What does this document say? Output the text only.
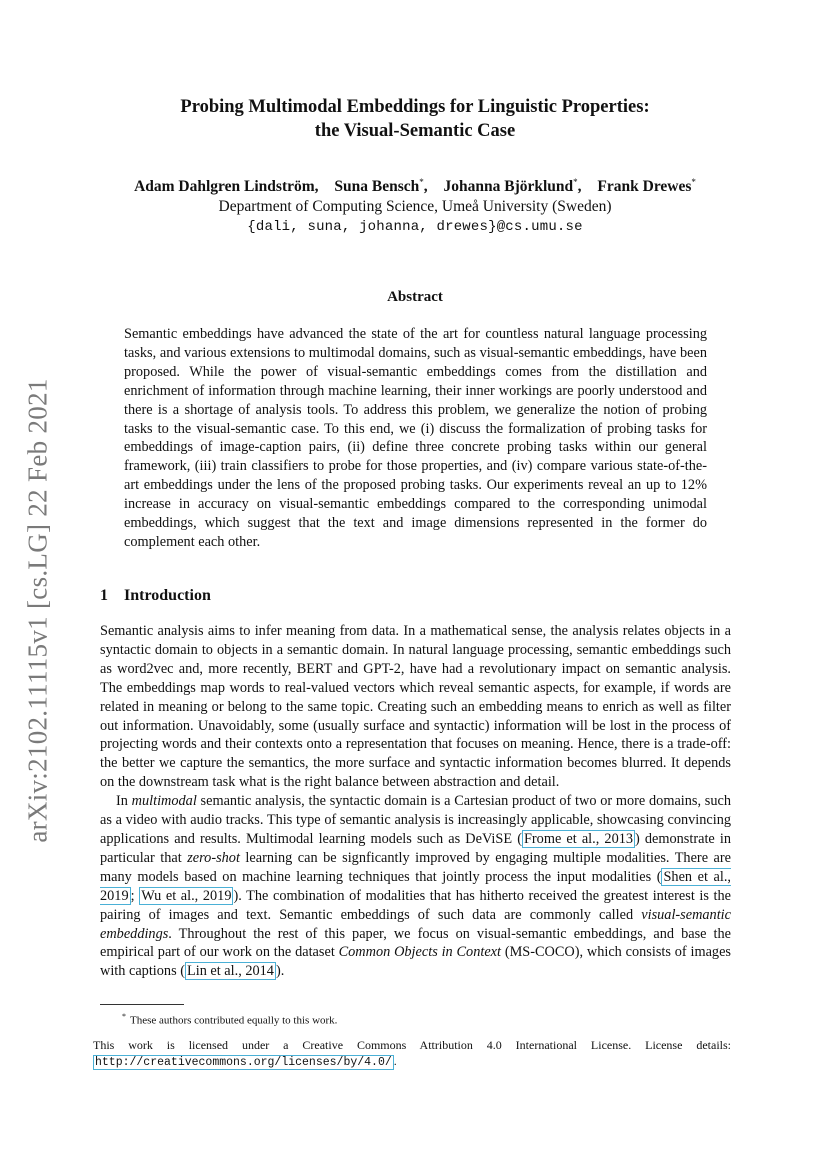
arXiv:2102.11115v1 [cs.LG] 22 Feb 2021
Probing Multimodal Embeddings for Linguistic Properties:
the Visual-Semantic Case
Adam Dahlgren Lindström, Suna Bensch*, Johanna Björklund*, Frank Drewes*
Department of Computing Science, Umeå University (Sweden)
{dali, suna, johanna, drewes}@cs.umu.se
Abstract

Semantic embeddings have advanced the state of the art for countless natural language processing tasks, and various extensions to multimodal domains, such as visual-semantic embeddings, have been proposed. While the power of visual-semantic embeddings comes from the distillation and enrichment of information through machine learning, their inner workings are poorly understood and there is a shortage of analysis tools. To address this problem, we generalize the notion of probing tasks to the visual-semantic case. To this end, we (i) discuss the formalization of probing tasks for embeddings of image-caption pairs, (ii) define three concrete probing tasks within our general framework, (iii) train classifiers to probe for those properties, and (iv) compare various state-of-the-art embeddings under the lens of the proposed probing tasks. Our experiments reveal an up to 12% increase in accuracy on visual-semantic embeddings compared to the corresponding unimodal embeddings, which suggest that the text and image dimensions represented in the former do complement each other.

1 Introduction

Semantic analysis aims to infer meaning from data. In a mathematical sense, the analysis relates objects in a syntactic domain to objects in a semantic domain. In natural language processing, semantic embeddings such as word2vec and, more recently, BERT and GPT-2, have had a revolutionary impact on semantic analysis. The embeddings map words to real-valued vectors which reveal semantic aspects, for example, if words are related in meaning or belong to the same topic. Creating such an embedding means to enrich as well as filter out information. Unavoidably, some (usually surface and syntactic) information will be lost in the process of projecting words and their contexts onto a representation that focuses on meaning. Hence, there is a trade-off: the better we capture the semantics, the more surface and syntactic information becomes blurred. It depends on the downstream task what is the right balance between abstraction and detail.

In multimodal semantic analysis, the syntactic domain is a Cartesian product of two or more domains, such as a video with audio tracks. This type of semantic analysis is increasingly applicable, showcasing convincing applications and results. Multimodal learning models such as DeViSE ( Frome et al., 2013 ) demonstrate in particular that zero-shot learning can be signficantly improved by engaging multiple modalities. There are many models based on machine learning techniques that jointly process the input modalities ( Shen et al., 2019 ; Wu et al., 2019 ). The combination of modalities that has hitherto received the greatest interest is the pairing of images and text. Semantic embeddings of such data are commonly called visual-semantic embeddings. Throughout the rest of this paper, we focus on visual-semantic embeddings, and base the empirical part of our work on the dataset Common Objects in Context (MS-COCO), which consists of images with captions ( Lin et al., 2014 ).

* These authors contributed equally to this work.
This work is licensed under a Creative Commons Attribution 4.0 International License. License details: http://creativecommons.org/licenses/by/4.0/ .
